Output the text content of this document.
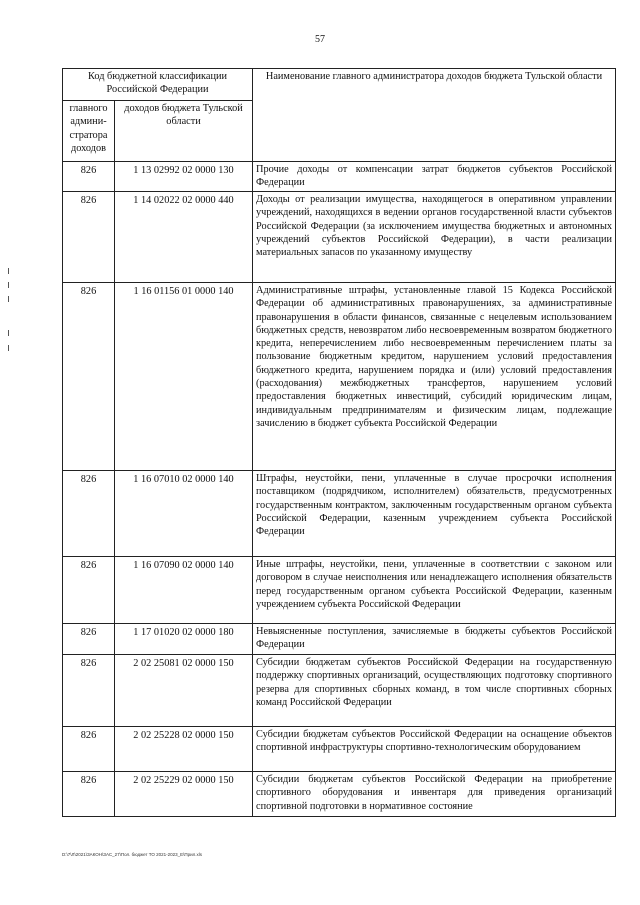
57
Код бюджетной классификации Российской Федерации		Наименование главного администратора доходов бюджета Тульской области
главного админи-стратора доходов	доходов бюджета Тульской области	
826	1 13 02992 02 0000 130	Прочие доходы от компенсации затрат бюджетов субъектов Российской Федерации
826	1 14 02022 02 0000 440	Доходы от реализации имущества, находящегося в оперативном управлении учреждений, находящихся в ведении органов государственной власти субъектов Российской Федерации (за исключением имущества бюджетных и автономных учреждений субъектов Российской Федерации), в части реализации материальных запасов по указанному имуществу
826	1 16 01156 01 0000 140	Административные штрафы, установленные главой 15 Кодекса Российской Федерации об административных правонарушениях, за административные правонарушения в области финансов, связанные с нецелевым использованием бюджетных средств, невозвратом либо несвоевременным возвратом бюджетного кредита, неперечислением либо несвоевременным перечислением платы за пользование бюджетным кредитом, нарушением условий предоставления бюджетного кредита, нарушением порядка и (или) условий предоставления (расходования) межбюджетных трансфертов, нарушением условий предоставления бюджетных инвестиций, субсидий юридическим лицам, индивидуальным предпринимателям и физическим лицам, подлежащие зачислению в бюджет субъекта Российской Федерации
826	1 16 07010 02 0000 140	Штрафы, неустойки, пени, уплаченные в случае просрочки исполнения поставщиком (подрядчиком, исполнителем) обязательств, предусмотренных государственным контрактом, заключенным государственным органом субъекта Российской Федерации, казенным учреждением субъекта Российской Федерации
826	1 16 07090 02 0000 140	Иные штрафы, неустойки, пени, уплаченные в соответствии с законом или договором в случае неисполнения или ненадлежащего исполнения обязательств перед государственным органом субъекта Российской Федерации, казенным учреждением субъекта Российской Федерации
826	1 17 01020 02 0000 180	Невыясненные поступления, зачисляемые в бюджеты субъектов Российской Федерации
826	2 02 25081 02 0000 150	Субсидии бюджетам субъектов Российской Федерации на государственную поддержку спортивных организаций, осуществляющих подготовку спортивного резерва для спортивных сборных команд, в том числе спортивных сборных команд Российской Федерации
826	2 02 25228 02 0000 150	Субсидии бюджетам субъектов Российской Федерации на оснащение объектов спортивной инфраструктуры спортивно-технологическим оборудованием
826	2 02 25229 02 0000 150	Субсидии бюджетам субъектов Российской Федерации на приобретение спортивного оборудования и инвентаря для приведения организаций спортивной подготовки в нормативное состояние
D:\7\Л\2021\ЗАКОН\ЗАС_27\Пол. бюджет ТО 2021-2023_Е\Прил.xls
